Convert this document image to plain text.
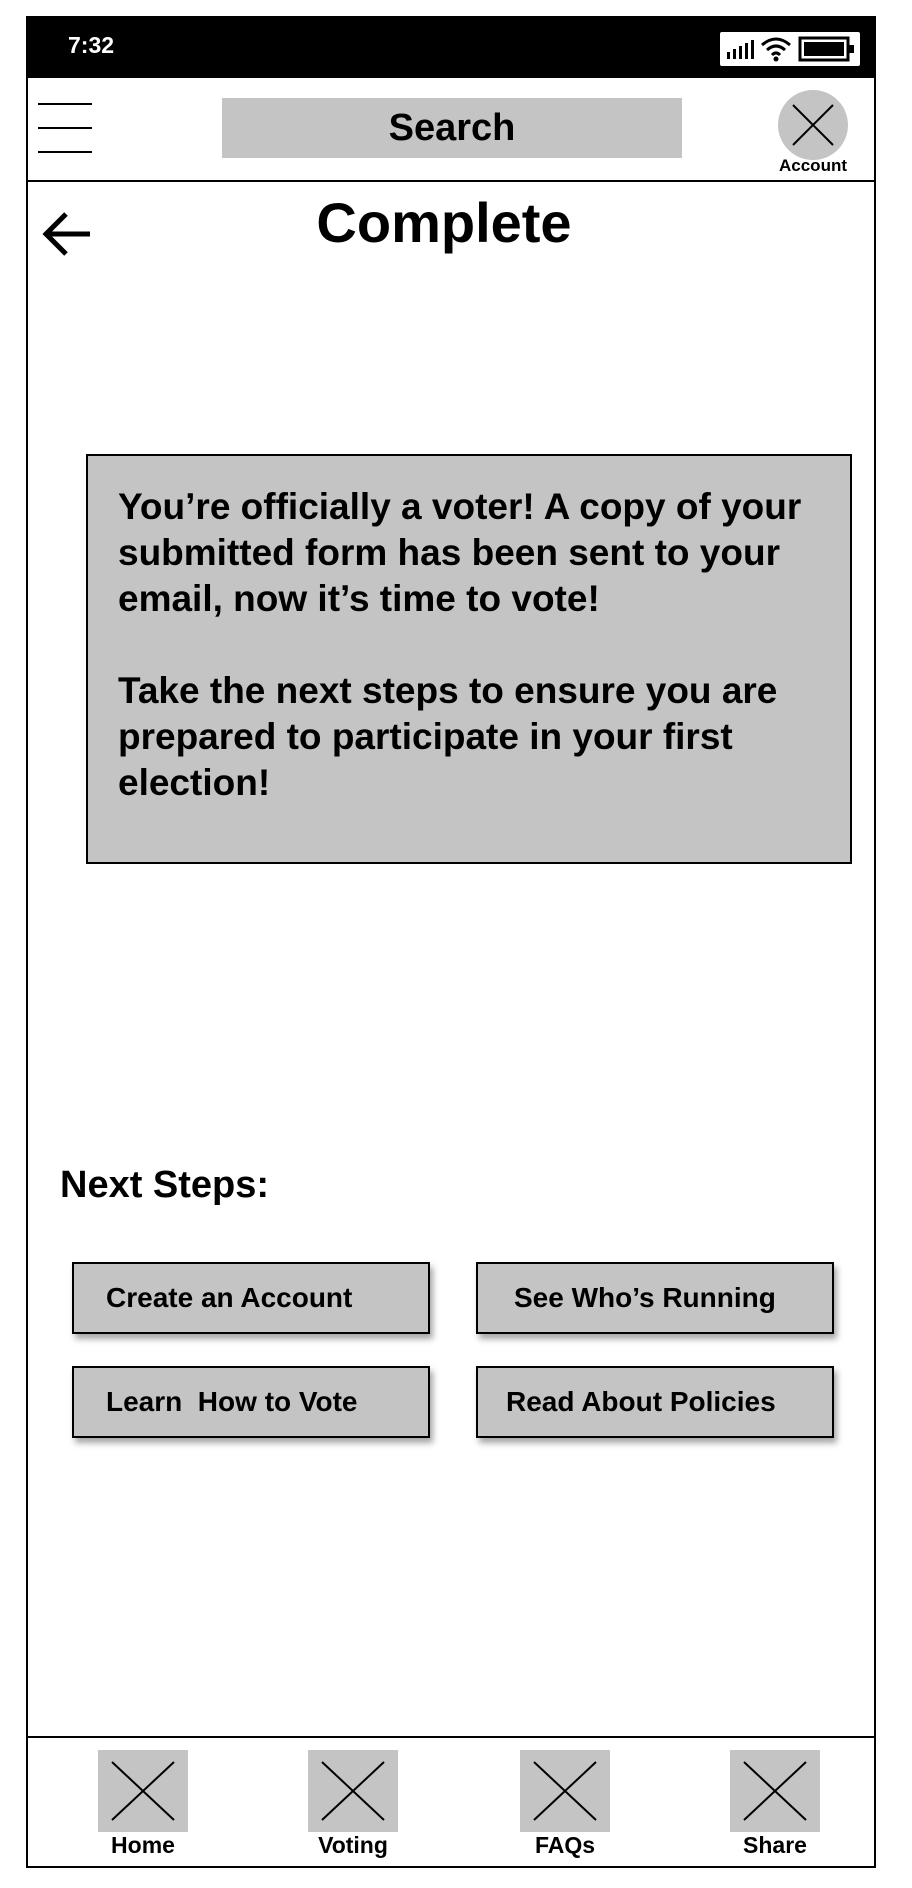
7:32
Search
Account
Complete

You’re officially a voter! A copy of your submitted form has been sent to your email, now it’s time to vote!

Take the next steps to ensure you are prepared to participate in your first election!

Next Steps:
Create an Account	See Who’s Running
Learn  How to Vote	Read About Policies
Home	Voting	FAQs	Share
